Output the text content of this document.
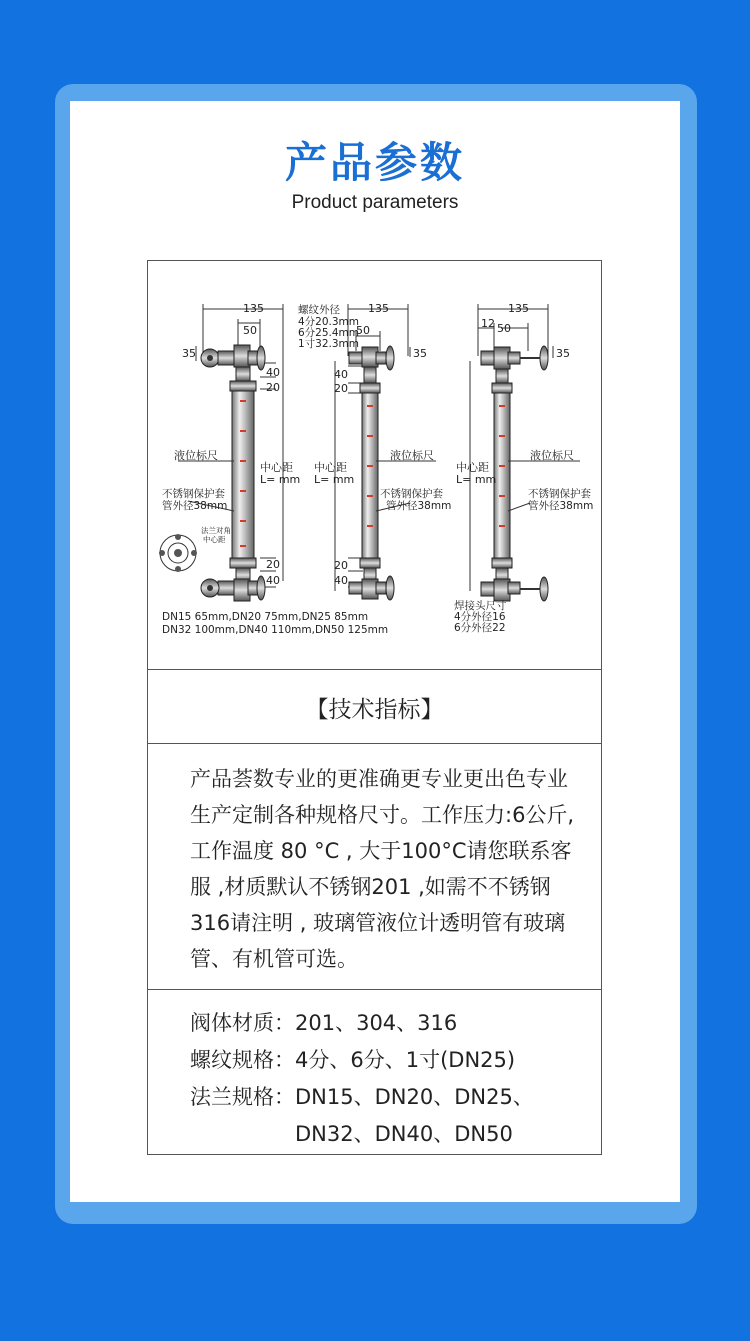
产品参数
Product parameters
135
50
35
40
20
20
40
液位标尺
中心距
L= mm
不锈钢保护套
管外径38mm
法兰对角
中心距
DN15 65mm,DN20 75mm,DN25 85mm
DN32 100mm,DN40 110mm,DN50 125mm
螺纹外径
4分20.3mm
6分25.4mm
1寸32.3mm
135
50
35
40
20
20
40
中心距
L= mm
液位标尺
不锈钢保护套
管外径38mm
135
12 50
35
中心距
L= mm
液位标尺
不锈钢保护套
管外径38mm
焊接头尺寸
4分外径16
6分外径22
【技术指标】
产品荟数专业的更准确更专业更出色专业生产定制各种规格尺寸。工作压力:6公斤,工作温度 80 °C , 大于100°C请您联系客服 ,材质默认不锈钢201 ,如需不不锈钢 316请注明 , 玻璃管液位计透明管有玻璃管、有机管可选。
阀体材质： 201、304、316
螺纹规格： 4分、6分、1寸(DN25)
法兰规格： DN15、DN20、DN25、
DN32、DN40、DN50
